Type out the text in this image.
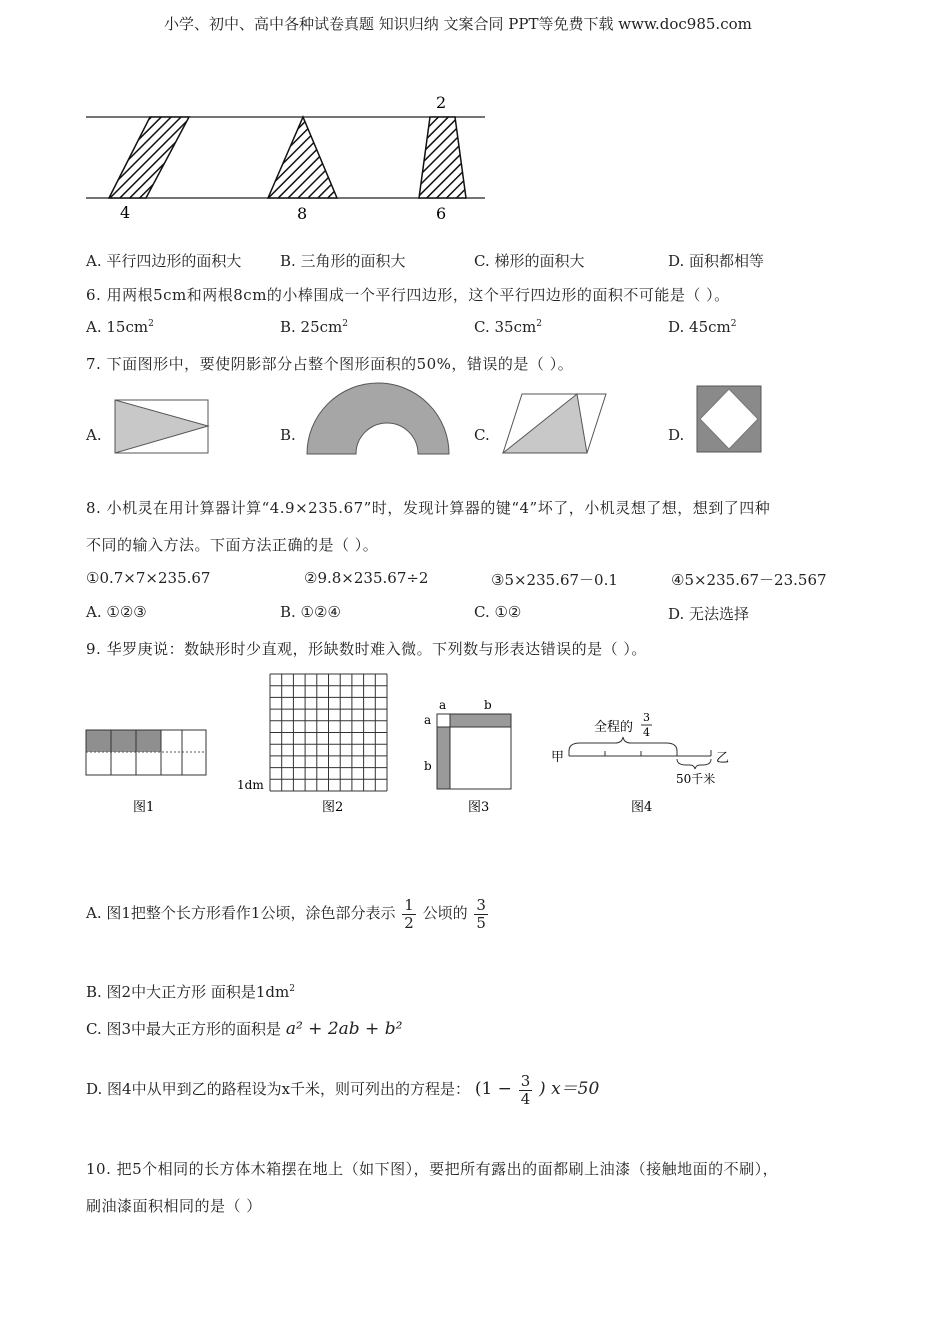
小学、初中、高中各种试卷真题 知识归纳 文案合同 PPT等免费下载 www.doc985.com
2
4	8	6
A. 平行四边形的面积大	B. 三角形的面积大	C. 梯形的面积大	D. 面积都相等
6. 用两根5cm和两根8cm的小棒围成一个平行四边形，这个平行四边形的面积不可能是（ ）。
A. $15cm^2$	B. $25cm^2$	C. $35cm^2$	D. $45cm^2$
7. 下面图形中，要使阴影部分占整个图形面积的50%，错误的是（ ）。
A.	B.	C.	D.
8. 小机灵在用计算器计算“4.9×235.67”时，发现计算器的键“4”坏了，小机灵想了想，想到了四种
不同的输入方法。下面方法正确的是（ ）。
①0.7×7×235.67	②9.8×235.67÷2	③5×235.67－0.1	④5×235.67－23.567
A. ①②③	B. ①②④	C. ①②	D. 无法选择
9. 华罗庚说：数缺形时少直观，形缺数时难入微。下列数与形表达错误的是（ ）。
1dm
a	b
a
b
全程的
3
4
甲	乙
50千米
图1	图2	图3	图4
A. 图1把整个长方形看作1公顷，涂色部分表示 $\frac{1}{2}$ 公顷的 $\frac{3}{5}$
B. 图2中大正方形 面积是$1dm^2$
C. 图3中最大正方形的面积是 a² + 2ab + b²
D. 图4中从甲到乙的路程设为x千米，则可列出的方程是： ($1 - \frac{3}{4}$ ) x＝50
10. 把5个相同的长方体木箱摆在地上（如下图），要把所有露出的面都刷上油漆（接触地面的不刷），
刷油漆面积相同的是（ ）
